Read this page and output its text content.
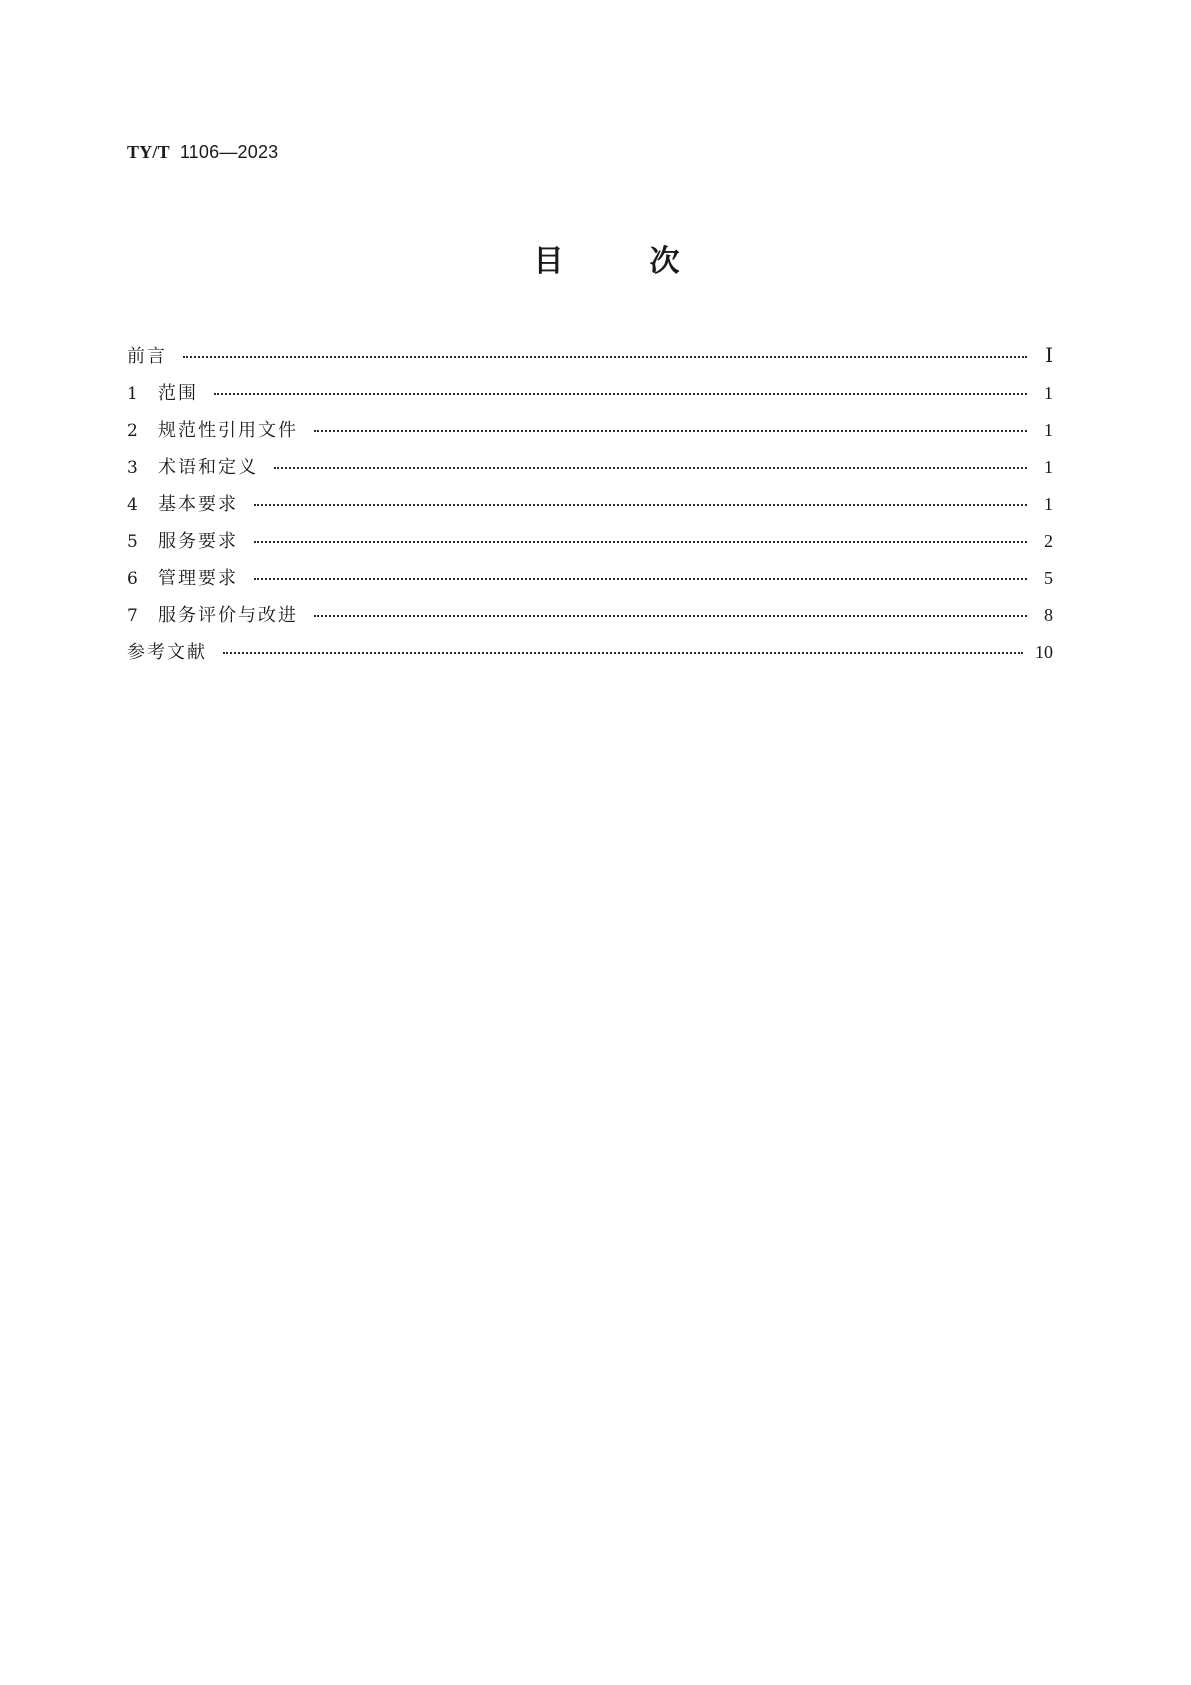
TY/T 1106—2023
目	次
前言	Ⅰ
1	范围	1
2	规范性引用文件	1
3	术语和定义	1
4	基本要求	1
5	服务要求	2
6	管理要求	5
7	服务评价与改进	8
参考文献	10
